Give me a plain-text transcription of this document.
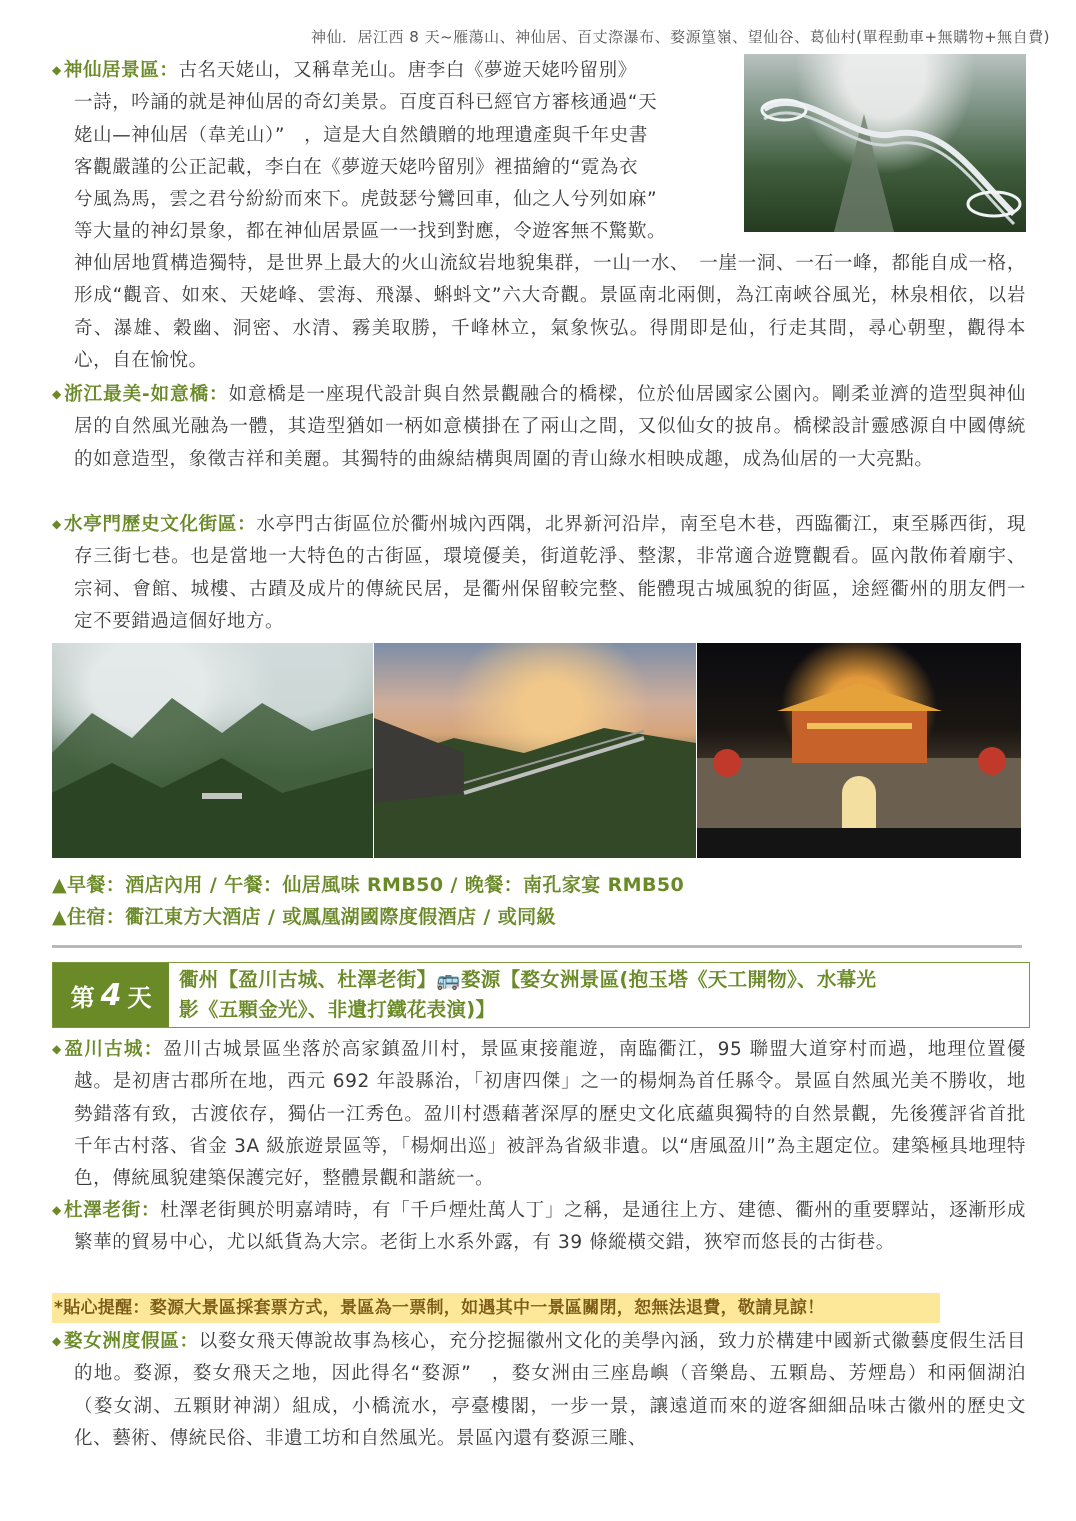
神仙．居江西 8 天~雁蕩山、神仙居、百丈漈瀑布、婺源篁嶺、望仙谷、葛仙村(單程動車+無購物+無自費)
◆ 神仙居景區：古名天姥山，又稱韋羌山。唐李白《夢遊天姥吟留別》
一詩，吟誦的就是神仙居的奇幻美景。百度百科已經官方審核通過“天
姥山—神仙居（韋羌山）”　，這是大自然饋贈的地理遺產與千年史書
客觀嚴謹的公正記載，李白在《夢遊天姥吟留別》裡描繪的“霓為衣
兮風為馬，雲之君兮紛紛而來下。虎鼓瑟兮鸞回車，仙之人兮列如麻”
等大量的神幻景象，都在神仙居景區一一找到對應，令遊客無不驚歎。
神仙居地質構造獨特，是世界上最大的火山流紋岩地貌集群，一山一水、　一崖一洞、一石一峰，都能自成一格，形成“觀音、如來、天姥峰、雲海、飛瀑、蝌蚪文”六大奇觀。景區南北兩側，為江南峽谷風光，林泉相依，以岩奇、瀑雄、穀幽、洞密、水清、霧美取勝，千峰林立，氣象恢弘。得閒即是仙，行走其間，尋心朝聖，觀得本心，自在愉悅。
◆ 浙江最美-如意橋：如意橋是一座現代設計與自然景觀融合的橋樑，位於仙居國家公園內。剛柔並濟的造型與神仙居的自然風光融為一體，其造型猶如一柄如意橫掛在了兩山之間，又似仙女的披帛。橋樑設計靈感源自中國傳統的如意造型，象徵吉祥和美麗。其獨特的曲線結構與周圍的青山綠水相映成趣，成為仙居的一大亮點。
◆ 水亭門歷史文化街區：水亭門古街區位於衢州城內西隅，北界新河沿岸，南至皂木巷，西臨衢江，東至縣西街，現存三街七巷。也是當地一大特色的古街區，環境優美，街道乾淨、整潔，非常適合遊覽觀看。區內散佈着廟宇、宗祠、會館、城樓、古蹟及成片的傳統民居，是衢州保留較完整、能體現古城風貌的街區，途經衢州的朋友們一定不要錯過這個好地方。
▲早餐：酒店內用 / 午餐：仙居風味 RMB50 / 晚餐：南孔家宴 RMB50
▲住宿：衢江東方大酒店 / 或鳳凰湖國際度假酒店 / 或同級
第 4 天
衢州【盈川古城、杜澤老街】🚌婺源【婺女洲景區(抱玉塔《天工開物》、水幕光
影《五顆金光》、非遺打鐵花表演)】
◆ 盈川古城：盈川古城景區坐落於高家鎮盈川村，景區東接龍遊，南臨衢江，95 聯盟大道穿村而過，地理位置優越。是初唐古郡所在地，西元 692 年設縣治，「初唐四傑」之一的楊炯為首任縣令。景區自然風光美不勝收，地勢錯落有致，古渡依存，獨佔一江秀色。盈川村憑藉著深厚的歷史文化底蘊與獨特的自然景觀，先後獲評省首批千年古村落、省金 3A 級旅遊景區等，「楊炯出巡」被評為省級非遺。以“唐風盈川”為主題定位。建築極具地理特色，傳統風貌建築保護完好，整體景觀和諧統一。
◆ 杜澤老街：杜澤老街興於明嘉靖時，有「千戶煙灶萬人丁」之稱，是通往上方、建德、衢州的重要驛站，逐漸形成繁華的貿易中心，尤以紙貨為大宗。老街上水系外露，有 39 條縱橫交錯，狹窄而悠長的古街巷。
*貼心提醒：婺源大景區採套票方式，景區為一票制，如遇其中一景區關閉，恕無法退費，敬請見諒！
◆ 婺女洲度假區：以婺女飛天傳說故事為核心，充分挖掘徽州文化的美學內涵，致力於構建中國新式徽藝度假生活目的地。婺源，婺女飛天之地，因此得名“婺源”　，婺女洲由三座島嶼（音樂島、五顆島、芳煙島）和兩個湖泊（婺女湖、五顆財神湖）組成，小橋流水，亭臺樓閣，一步一景，讓遠道而來的遊客細細品味古徽州的歷史文化、藝術、傳統民俗、非遺工坊和自然風光。景區內還有婺源三雕、
